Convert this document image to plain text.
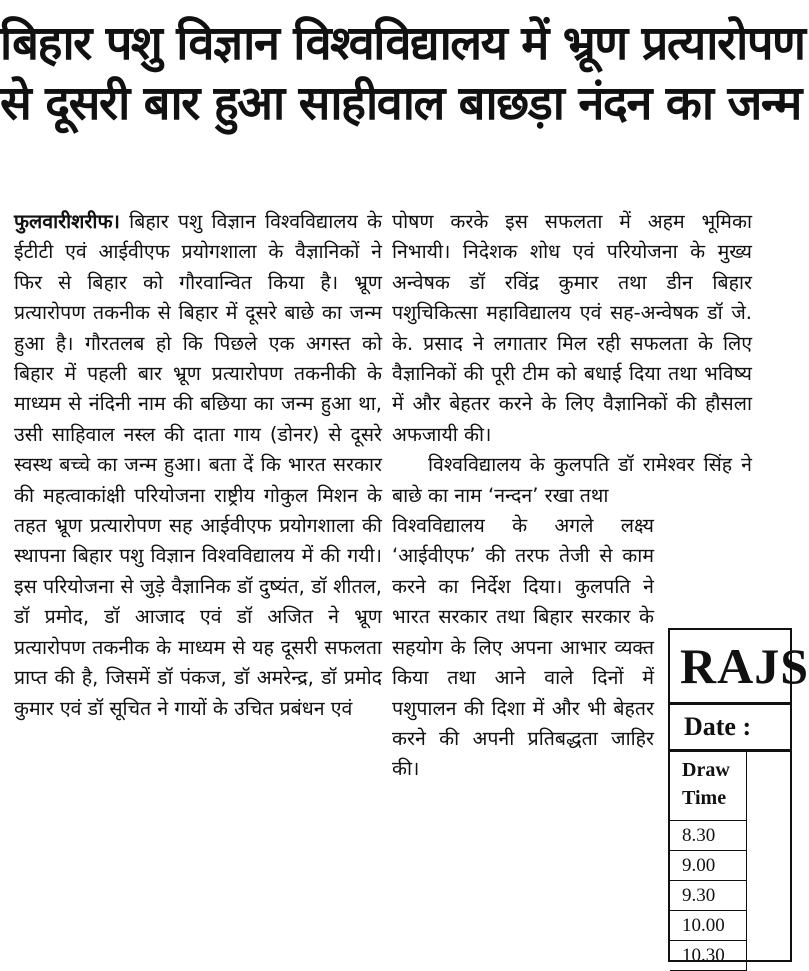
बिहार पशु विज्ञान विश्वविद्यालय में भ्रूण प्रत्यारोपण
से दूसरी बार हुआ साहीवाल बाछड़ा नंदन का जन्म

फुलवारीशरीफ। बिहार पशु विज्ञान विश्वविद्यालय के ईटीटी एवं आईवीएफ प्रयोगशाला के वैज्ञानिकों ने फिर से बिहार को गौरवान्वित किया है। भ्रूण प्रत्यारोपण तकनीक से बिहार में दूसरे बाछे का जन्म हुआ है। गौरतलब हो कि पिछले एक अगस्त को बिहार में पहली बार भ्रूण प्रत्यारोपण तकनीकी के माध्यम से नंदिनी नाम की बछिया का जन्म हुआ था, उसी साहिवाल नस्ल की दाता गाय (डोनर) से दूसरे स्वस्थ बच्चे का जन्म हुआ। बता दें कि भारत सरकार की महत्वाकांक्षी परियोजना राष्ट्रीय गोकुल मिशन के तहत भ्रूण प्रत्यारोपण सह आईवीएफ प्रयोगशाला की स्थापना बिहार पशु विज्ञान विश्वविद्यालय में की गयी। इस परियोजना से जुड़े वैज्ञानिक डॉ दुष्यंत, डॉ शीतल, डॉ प्रमोद, डॉ आजाद एवं डॉ अजित ने भ्रूण प्रत्यारोपण तकनीक के माध्यम से यह दूसरी सफलता प्राप्त की है, जिसमें डॉ पंकज, डॉ अमरेन्द्र, डॉ प्रमोद कुमार एवं डॉ सूचित ने गायों के उचित प्रबंधन एवं

पोषण करके इस सफलता में अहम भूमिका निभायी। निदेशक शोध एवं परियोजना के मुख्य अन्वेषक डॉ रविंद्र कुमार तथा डीन बिहार पशुचिकित्सा महाविद्यालय एवं सह-अन्वेषक डॉ जे. के. प्रसाद ने लगातार मिल रही सफलता के लिए वैज्ञानिकों की पूरी टीम को बधाई दिया तथा भविष्य में और बेहतर करने के लिए वैज्ञानिकों की हौसला अफजायी की।

विश्वविद्यालय के कुलपति डॉ रामेश्वर सिंह ने बाछे का नाम ‘नन्दन’ रखा तथा

विश्वविद्यालय के अगले लक्ष्य ‘आईवीएफ’ की तरफ तेजी से काम करने का निर्देश दिया। कुलपति ने भारत सरकार तथा बिहार सरकार के सहयोग के लिए अपना आभार व्यक्त किया तथा आने वाले दिनों में पशुपालन की दिशा में और भी बेहतर करने की अपनी प्रतिबद्धता जाहिर की।

RAJS
Date :
Draw
Time
8.30
9.00
9.30
10.00
10.30
